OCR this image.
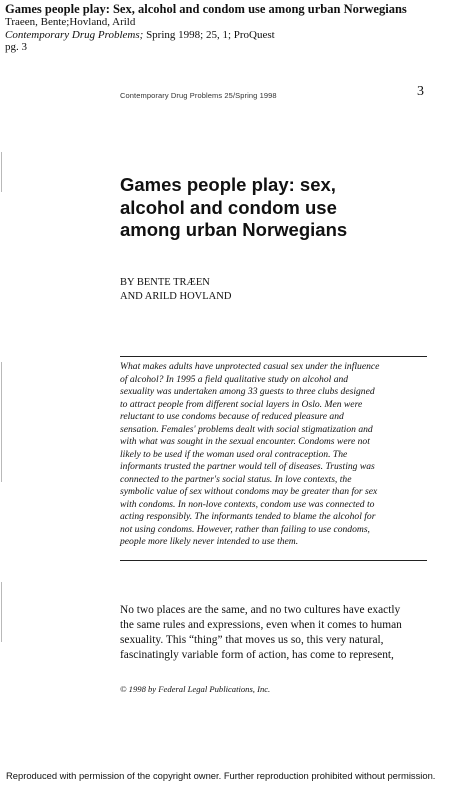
Games people play: Sex, alcohol and condom use among urban Norwegians
Traeen, Bente;Hovland, Arild
Contemporary Drug Problems; Spring 1998; 25, 1; ProQuest
pg. 3
Contemporary Drug Problems 25/Spring 1998	3
Games people play: sex,
alcohol and condom use
among urban Norwegians
BY BENTE TRÆEN
AND ARILD HOVLAND
What makes adults have unprotected casual sex under the influence
of alcohol? In 1995 a field qualitative study on alcohol and
sexuality was undertaken among 33 guests to three clubs designed
to attract people from different social layers in Oslo. Men were
reluctant to use condoms because of reduced pleasure and
sensation. Females' problems dealt with social stigmatization and
with what was sought in the sexual encounter. Condoms were not
likely to be used if the woman used oral contraception. The
informants trusted the partner would tell of diseases. Trusting was
connected to the partner's social status. In love contexts, the
symbolic value of sex without condoms may be greater than for sex
with condoms. In non-love contexts, condom use was connected to
acting responsibly. The informants tended to blame the alcohol for
not using condoms. However, rather than failing to use condoms,
people more likely never intended to use them.
No two places are the same, and no two cultures have exactly
the same rules and expressions, even when it comes to human
sexuality. This “thing” that moves us so, this very natural,
fascinatingly variable form of action, has come to represent,
© 1998 by Federal Legal Publications, Inc.
Reproduced with permission of the copyright owner. Further reproduction prohibited without permission.
